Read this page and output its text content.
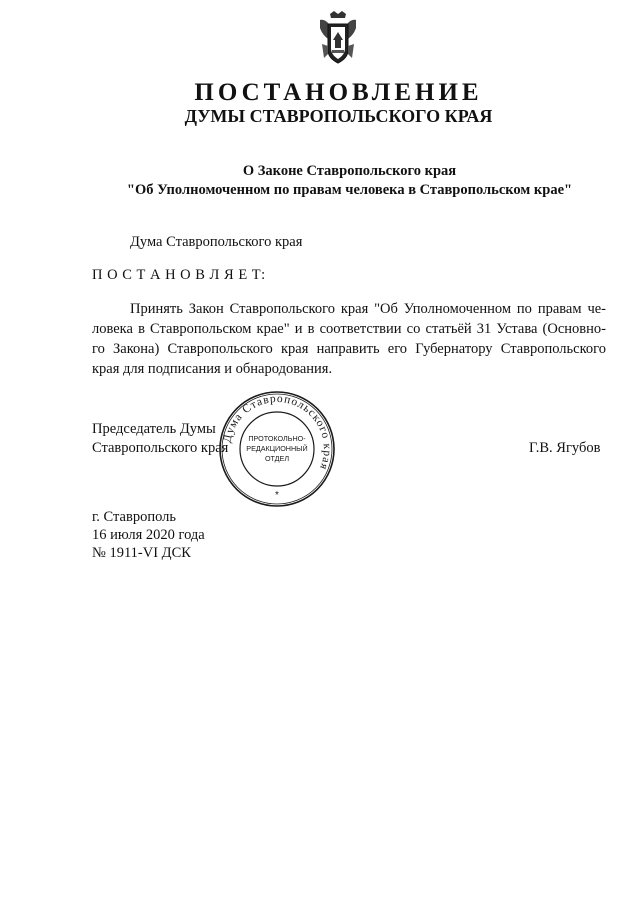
ПОСТАНОВЛЕНИЕ
ДУМЫ СТАВРОПОЛЬСКОГО КРАЯ
О Законе Ставропольского края
"Об Уполномоченном по правам человека в Ставропольском крае"
Дума Ставропольского края
П О С Т А Н О В Л Я Е Т:
Принять Закон Ставропольского края "Об Уполномоченном по правам че-
ловека в Ставропольском крае" и в соответствии со статьёй 31 Устава (Основно-
го Закона) Ставропольского края направить его Губернатору Ставропольского
края для подписания и обнародования.
Председатель Думы
Ставропольского края	Г.В. Ягубов
Дума Ставропольского края
ПРОТОКОЛЬНО-
РЕДАКЦИОННЫЙ
ОТДЕЛ
*
г. Ставрополь
16 июля 2020 года
№ 1911-VI ДСК
